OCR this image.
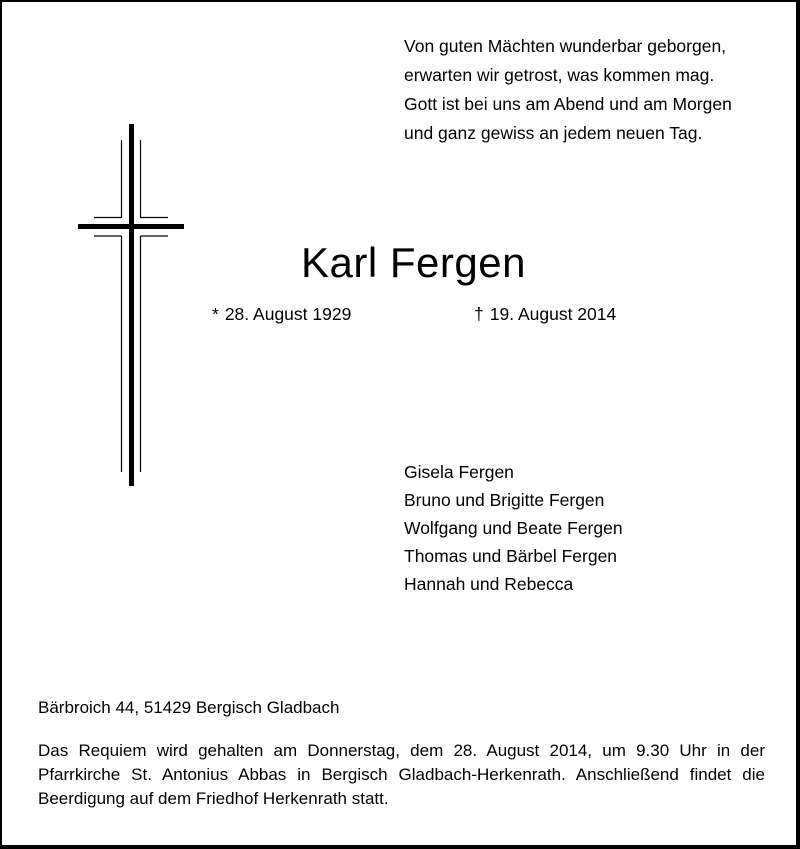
Von guten Mächten wunderbar geborgen,
erwarten wir getrost, was kommen mag.
Gott ist bei uns am Abend und am Morgen
und ganz gewiss an jedem neuen Tag.
Karl Fergen
* 28. August 1929	† 19. August 2014
Gisela Fergen
Bruno und Brigitte Fergen
Wolfgang und Beate Fergen
Thomas und Bärbel Fergen
Hannah und Rebecca
Bärbroich 44, 51429 Bergisch Gladbach
Das Requiem wird gehalten am Donnerstag, dem 28. August 2014, um 9.30 Uhr in der Pfarrkirche St. Antonius Abbas in Bergisch Gladbach-Herkenrath. Anschließend findet die Beerdigung auf dem Friedhof Herkenrath statt.
